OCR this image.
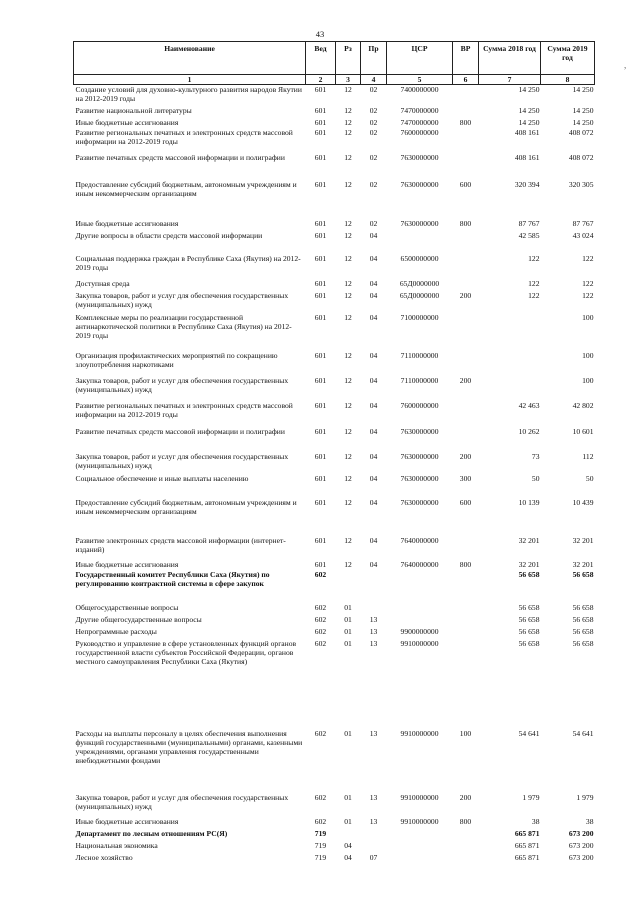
43
Наименование	Вед	Рз	Пр	ЦСР	ВР	Сумма 2018 год	Сумма 2019 год
1	2	3	4	5	6	7	8
Создание условий для духовно-культурного развития народов Якутии на 2012-2019 годы	601	12	02	7400000000		14 250	14 250
Развитие национальной литературы	601	12	02	7470000000		14 250	14 250
Иные бюджетные ассигнования	601	12	02	7470000000	800	14 250	14 250
Развитие региональных печатных и электронных средств массовой информации на 2012-2019 годы	601	12	02	7600000000		408 161	408 072
Развитие печатных средств массовой информации и полиграфии	601	12	02	7630000000		408 161	408 072
Предоставление субсидий бюджетным, автономным учреждениям и иным некоммерческим организациям	601	12	02	7630000000	600	320 394	320 305
Иные бюджетные ассигнования	601	12	02	7630000000	800	87 767	87 767
Другие вопросы в области средств массовой информации	601	12	04			42 585	43 024
Социальная поддержка граждан в Республике Саха (Якутия) на 2012-2019 годы	601	12	04	6500000000		122	122
Доступная среда	601	12	04	65Д0000000		122	122
Закупка товаров, работ и услуг для обеспечения государственных (муниципальных) нужд	601	12	04	65Д0000000	200	122	122
Комплексные меры по реализации государственной антинаркотической политики в Республике Саха (Якутия) на 2012-2019 годы	601	12	04	7100000000			100
Организация профилактических мероприятий по сокращению злоупотребления наркотиками	601	12	04	7110000000			100
Закупка товаров, работ и услуг для обеспечения государственных (муниципальных) нужд	601	12	04	7110000000	200		100
Развитие региональных печатных и электронных средств массовой информации на 2012-2019 годы	601	12	04	7600000000		42 463	42 802
Развитие печатных средств массовой информации и полиграфии	601	12	04	7630000000		10 262	10 601
Закупка товаров, работ и услуг для обеспечения государственных (муниципальных) нужд	601	12	04	7630000000	200	73	112
Социальное обеспечение и иные выплаты населению	601	12	04	7630000000	300	50	50
Предоставление субсидий бюджетным, автономным учреждениям и иным некоммерческим организациям	601	12	04	7630000000	600	10 139	10 439
Развитие электронных средств массовой информации (интернет-изданий)	601	12	04	7640000000		32 201	32 201
Иные бюджетные ассигнования	601	12	04	7640000000	800	32 201	32 201
Государственный комитет Республики Саха (Якутия) по регулированию контрактной системы в сфере закупок	602					56 658	56 658
Общегосударственные вопросы	602	01				56 658	56 658
Другие общегосударственные вопросы	602	01	13			56 658	56 658
Непрограммные расходы	602	01	13	9900000000		56 658	56 658
Руководство и управление в сфере установленных функций органов государственной власти субъектов Российской Федерации, органов местного самоуправления Республики Саха (Якутия)	602	01	13	9910000000		56 658	56 658
Расходы на выплаты персоналу в целях обеспечения выполнения функций государственными (муниципальными) органами, казенными учреждениями, органами управления государственными внебюджетными фондами	602	01	13	9910000000	100	54 641	54 641
Закупка товаров, работ и услуг для обеспечения государственных (муниципальных) нужд	602	01	13	9910000000	200	1 979	1 979
Иные бюджетные ассигнования	602	01	13	9910000000	800	38	38
Департамент по лесным отношениям РС(Я)	719					665 871	673 200
Национальная экономика	719	04				665 871	673 200
Лесное хозяйство	719	04	07			665 871	673 200
,
